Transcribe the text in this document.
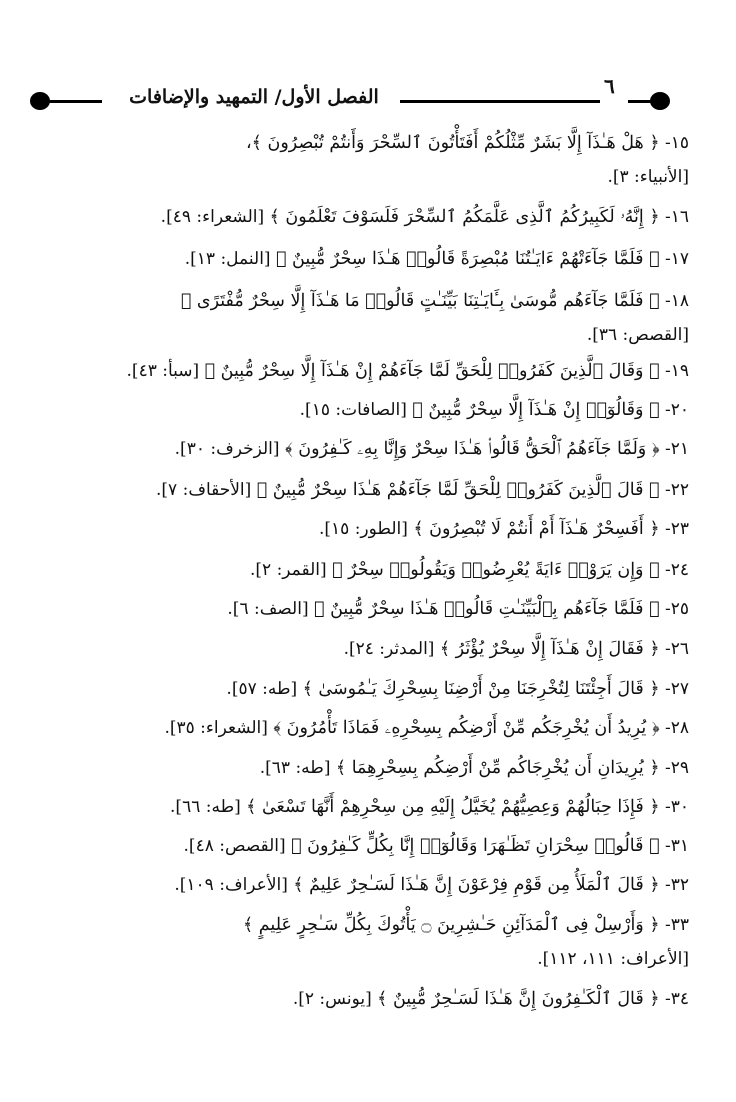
الفصل الأول/ التمهيد والإضافات	٦
١٥- ﴿ هَلْ هَـٰذَآ إِلَّا بَشَرٌ مِّثْلُكُمْ أَفَتَأْتُونَ ٱلسِّحْرَ وَأَنتُمْ تُبْصِرُونَ ﴾،
[الأنبياء: ٣].
١٦- ﴿ إِنَّهُۥ لَكَبِيرُكُمُ ٱلَّذِى عَلَّمَكُمُ ٱلسِّحْرَ فَلَسَوْفَ تَعْلَمُونَ ﴾ [الشعراء: ٤٩].
١٧- ﴿ فَلَمَّا جَآءَتْهُمْ ءَايَـٰتُنَا مُبْصِرَةً قَالُوا۟ هَـٰذَا سِحْرٌ مُّبِينٌ ﴾ [النمل: ١٣].
١٨- ﴿ فَلَمَّا جَآءَهُم مُّوسَىٰ بِـَٔايَـٰتِنَا بَيِّنَـٰتٍ قَالُوا۟ مَا هَـٰذَآ إِلَّا سِحْرٌ مُّفْتَرًى ﴾
[القصص: ٣٦].
١٩- ﴿ وَقَالَ ٱلَّذِينَ كَفَرُوا۟ لِلْحَقِّ لَمَّا جَآءَهُمْ إِنْ هَـٰذَآ إِلَّا سِحْرٌ مُّبِينٌ ﴾ [سبأ: ٤٣].
٢٠- ﴿ وَقَالُوٓا۟ إِنْ هَـٰذَآ إِلَّا سِحْرٌ مُّبِينٌ ﴾ [الصافات: ١٥].
٢١- ﴿ وَلَمَّا جَآءَهُمُ ٱلْحَقُّ قَالُوا۟ هَـٰذَا سِحْرٌ وَإِنَّا بِهِۦ كَـٰفِرُونَ ﴾ [الزخرف: ٣٠].
٢٢- ﴿ قَالَ ٱلَّذِينَ كَفَرُوا۟ لِلْحَقِّ لَمَّا جَآءَهُمْ هَـٰذَا سِحْرٌ مُّبِينٌ ﴾ [الأحقاف: ٧].
٢٣- ﴿ أَفَسِحْرٌ هَـٰذَآ أَمْ أَنتُمْ لَا تُبْصِرُونَ ﴾ [الطور: ١٥].
٢٤- ﴿ وَإِن يَرَوْا۟ ءَايَةً يُعْرِضُوا۟ وَيَقُولُوا۟ سِحْرٌ ﴾ [القمر: ٢].
٢٥- ﴿ فَلَمَّا جَآءَهُم بِٱلْبَيِّنَـٰتِ قَالُوا۟ هَـٰذَا سِحْرٌ مُّبِينٌ ﴾ [الصف: ٦].
٢٦- ﴿ فَقَالَ إِنْ هَـٰذَآ إِلَّا سِحْرٌ يُؤْثَرُ ﴾ [المدثر: ٢٤].
٢٧- ﴿ قَالَ أَجِئْتَنَا لِتُخْرِجَنَا مِنْ أَرْضِنَا بِسِحْرِكَ يَـٰمُوسَىٰ ﴾ [طه: ٥٧].
٢٨- ﴿ يُرِيدُ أَن يُخْرِجَكُم مِّنْ أَرْضِكُم بِسِحْرِهِۦ فَمَاذَا تَأْمُرُونَ ﴾ [الشعراء: ٣٥].
٢٩- ﴿ يُرِيدَانِ أَن يُخْرِجَاكُم مِّنْ أَرْضِكُم بِسِحْرِهِمَا ﴾ [طه: ٦٣].
٣٠- ﴿ فَإِذَا حِبَالُهُمْ وَعِصِيُّهُمْ يُخَيَّلُ إِلَيْهِ مِن سِحْرِهِمْ أَنَّهَا تَسْعَىٰ ﴾ [طه: ٦٦].
٣١- ﴿ قَالُوا۟ سِحْرَانِ تَظَـٰهَرَا وَقَالُوٓا۟ إِنَّا بِكُلٍّ كَـٰفِرُونَ ﴾ [القصص: ٤٨].
٣٢- ﴿ قَالَ ٱلْمَلَأُ مِن قَوْمِ فِرْعَوْنَ إِنَّ هَـٰذَا لَسَـٰحِرٌ عَلِيمٌ ﴾ [الأعراف: ١٠٩].
٣٣- ﴿ وَأَرْسِلْ فِى ٱلْمَدَآئِنِ حَـٰشِرِينَ ۝ يَأْتُوكَ بِكُلِّ سَـٰحِرٍ عَلِيمٍ ﴾
[الأعراف: ١١١، ١١٢].
٣٤- ﴿ قَالَ ٱلْكَـٰفِرُونَ إِنَّ هَـٰذَا لَسَـٰحِرٌ مُّبِينٌ ﴾ [يونس: ٢].
